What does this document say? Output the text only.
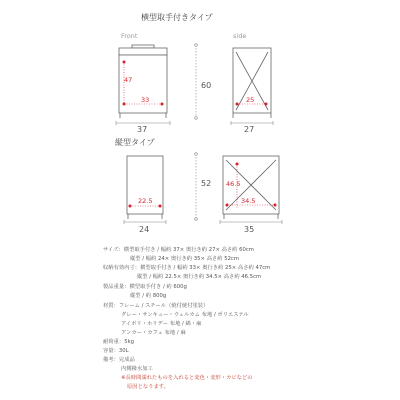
横型取手付きタイプ
Front	side
47
33	25
60
37	27
縦型タイプ
52
22.5
46.5
34.5
24	35
サイズ：横型取手付き / 幅約 37× 奥行き約 27× 高さ約 60cm
縦型 / 幅約 24× 奥行き約 35× 高さ約 52cm
収納有効内寸：横型取手付き / 幅約 33× 奥行き約 25× 高さ約 47cm
縦型 / 幅約 22.5× 奥行き約 34.5× 高さ約 46.5cm
製品重量：横型取手付き / 約 600g
縦型 / 約 800g
材質：フレーム / スチール（焼付焼付塗装）
グレー・サンキュー・ウェルカム 布地 / ポリエステル
アイボリ・ホリデー 布地 / 綿・麻
アンカー・カフェ 布地 / 麻
耐荷重：5kg
容量：30L
備考：完成品
内側撥水加工
※長時間濡れたものを入れると変色・変形・カビなどの
原因となります。
